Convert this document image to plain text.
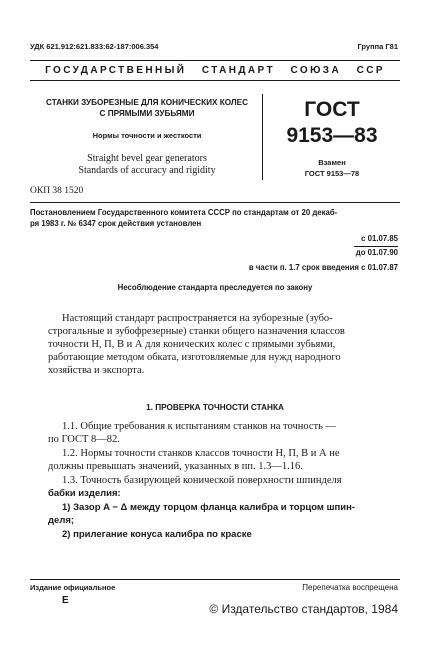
УДК 621.912:621.833:62-187:006.354	Группа Г81
ГОСУДАРСТВЕННЫЙ   СТАНДАРТ   СОЮЗА   ССР
СТАНКИ ЗУБОРЕЗНЫЕ ДЛЯ КОНИЧЕСКИХ КОЛЕС
С ПРЯМЫМИ ЗУБЬЯМИ
Нормы точности и жесткости
Straight bevel gear generators
Standards of accuracy and rigidity
ГОСТ
9153—83
Взамен
ГОСТ 9153—78
ОКП 38 1520
Постановлением Государственного комитета СССР по стандартам от 20 декаб-
ря 1983 г. № 6347 срок действия установлен
с 01.07.85
до 01.07.90
в части п. 1.7 срок введения с 01.07.87
Несоблюдение стандарта преследуется по закону
Настоящий стандарт распространяется на зуборезные (зубо-
строгальные и зубофрезерные) станки общего назначения классов
точности Н, П, В и А для конических колес с прямыми зубьями,
работающие методом обката, изготовляемые для нужд народного
хозяйства и экспорта.
1. ПРОВЕРКА ТОЧНОСТИ СТАНКА
1.1. Общие требования к испытаниям станков на точность —
по ГОСТ 8—82.
1.2. Нормы точности станков классов точности Н, П, В и А не
должны превышать значений, указанных в пп. 1.3—1.16.
1.3. Точность базирующей конической поверхности шпинделя
бабки изделия:
1) Зазор A − Δ между торцом фланца калибра и торцом шпин-
деля;
2) прилегание конуса калибра по краске
Издание официальное
E
Перепечатка воспрещена
© Издательство стандартов, 1984
